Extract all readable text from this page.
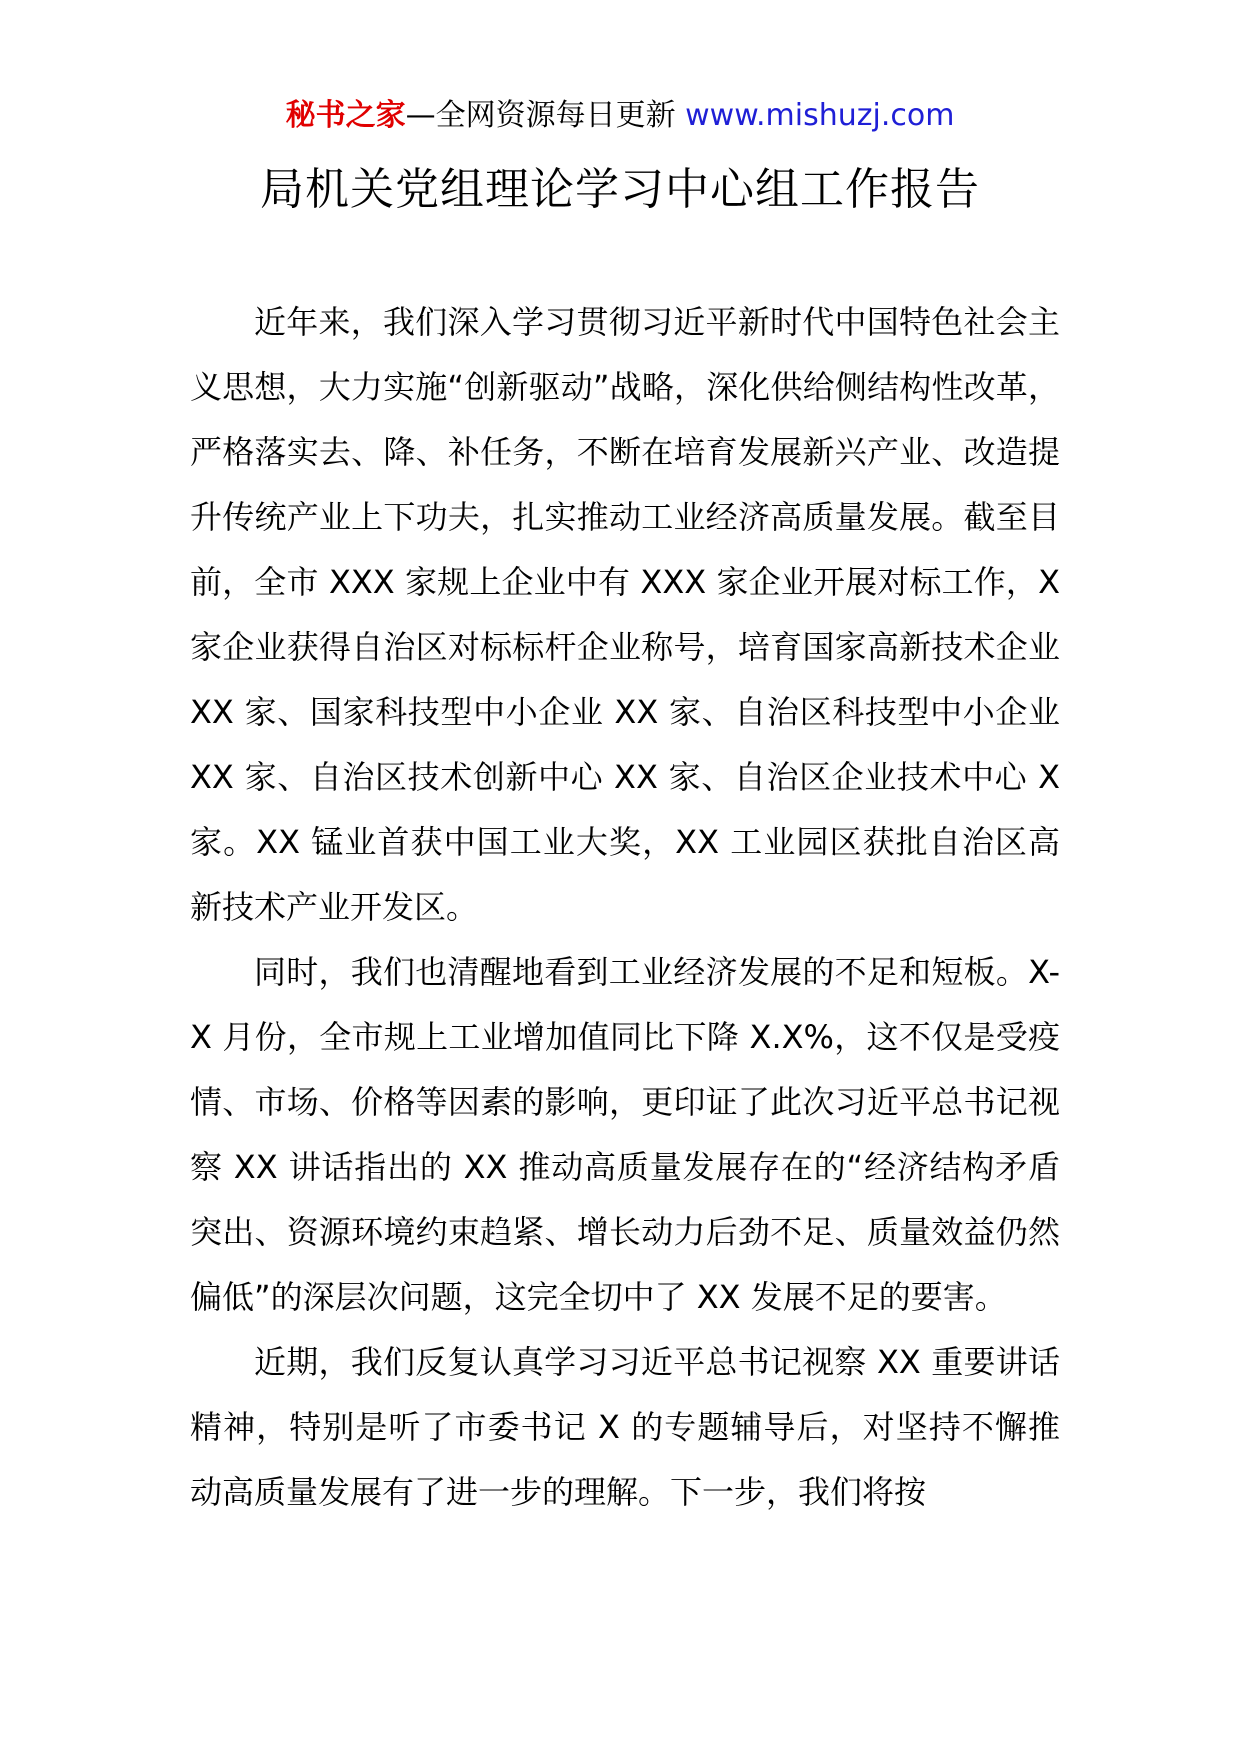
秘书之家—全网资源每日更新 www.mishuzj.com
局机关党组理论学习中心组工作报告

近年来，我们深入学习贯彻习近平新时代中国特色社会主义思想，大力实施“创新驱动”战略，深化供给侧结构性改革，严格落实去、降、补任务，不断在培育发展新兴产业、改造提升传统产业上下功夫，扎实推动工业经济高质量发展。截至目前，全市 XXX 家规上企业中有 XXX 家企业开展对标工作，X 家企业获得自治区对标标杆企业称号，培育国家高新技术企业 XX 家、国家科技型中小企业 XX 家、自治区科技型中小企业 XX 家、自治区技术创新中心 XX 家、自治区企业技术中心 X 家。XX 锰业首获中国工业大奖，XX 工业园区获批自治区高新技术产业开发区。

同时，我们也清醒地看到工业经济发展的不足和短板。X-X 月份，全市规上工业增加值同比下降 X.X%，这不仅是受疫情、市场、价格等因素的影响，更印证了此次习近平总书记视察 XX 讲话指出的 XX 推动高质量发展存在的“经济结构矛盾突出、资源环境约束趋紧、增长动力后劲不足、质量效益仍然偏低”的深层次问题，这完全切中了 XX 发展不足的要害。

近期，我们反复认真学习习近平总书记视察 XX 重要讲话精神，特别是听了市委书记 X 的专题辅导后，对坚持不懈推动高质量发展有了进一步的理解。下一步，我们将按
